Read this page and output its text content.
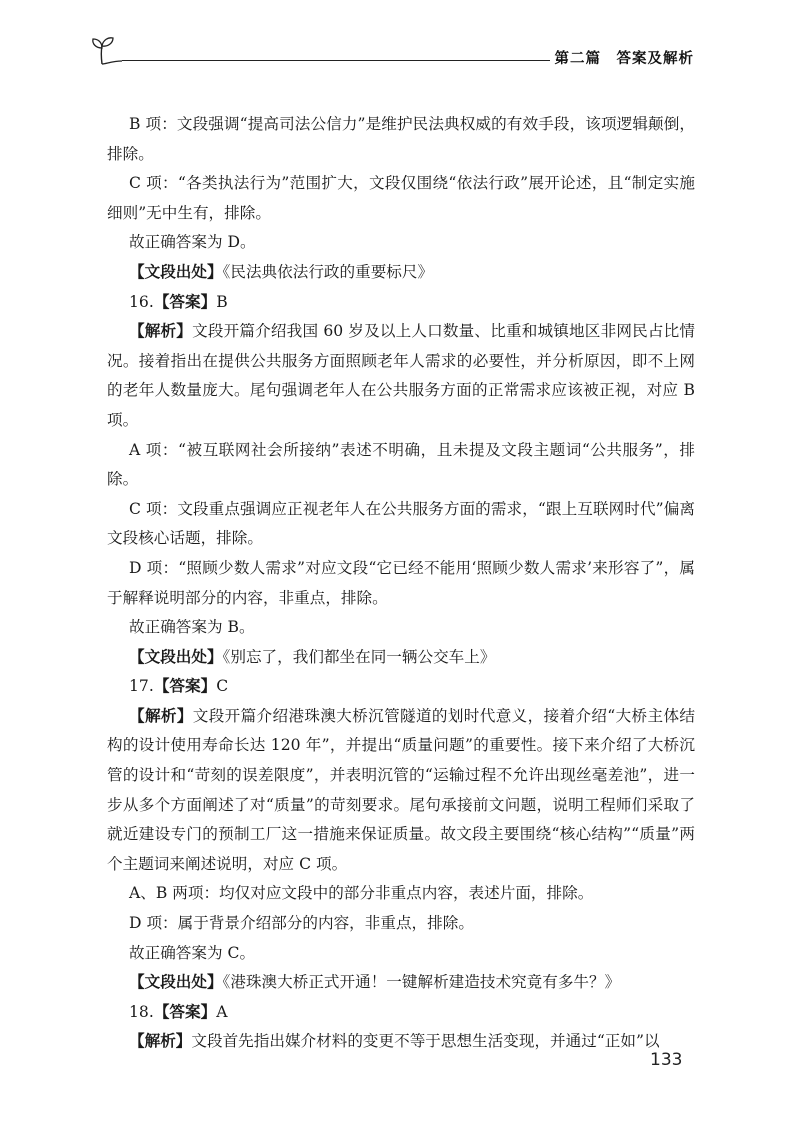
第二篇　答案及解析

B 项：文段强调“提高司法公信力”是维护民法典权威的有效手段，该项逻辑颠倒，排除。

C 项：“各类执法行为”范围扩大，文段仅围绕“依法行政”展开论述，且“制定实施细则”无中生有，排除。

故正确答案为 D。

【文段出处】《民法典依法行政的重要标尺》

16.【答案】B

【解析】文段开篇介绍我国 60 岁及以上人口数量、比重和城镇地区非网民占比情况。接着指出在提供公共服务方面照顾老年人需求的必要性，并分析原因，即不上网的老年人数量庞大。尾句强调老年人在公共服务方面的正常需求应该被正视，对应 B 项。

A 项：“被互联网社会所接纳”表述不明确，且未提及文段主题词“公共服务”，排除。

C 项：文段重点强调应正视老年人在公共服务方面的需求，“跟上互联网时代”偏离文段核心话题，排除。

D 项：“照顾少数人需求”对应文段“它已经不能用‘照顾少数人需求’来形容了”，属于解释说明部分的内容，非重点，排除。

故正确答案为 B。

【文段出处】《别忘了，我们都坐在同一辆公交车上》

17.【答案】C

【解析】文段开篇介绍港珠澳大桥沉管隧道的划时代意义，接着介绍“大桥主体结构的设计使用寿命长达 120 年”，并提出“质量问题”的重要性。接下来介绍了大桥沉管的设计和“苛刻的误差限度”，并表明沉管的“运输过程不允许出现丝毫差池”，进一步从多个方面阐述了对“质量”的苛刻要求。尾句承接前文问题，说明工程师们采取了就近建设专门的预制工厂这一措施来保证质量。故文段主要围绕“核心结构”“质量”两个主题词来阐述说明，对应 C 项。

A、B 两项：均仅对应文段中的部分非重点内容，表述片面，排除。

D 项：属于背景介绍部分的内容，非重点，排除。

故正确答案为 C。

【文段出处】《港珠澳大桥正式开通！一键解析建造技术究竟有多牛？》

18.【答案】A

【解析】文段首先指出媒介材料的变更不等于思想生活变现，并通过“正如”以

133
